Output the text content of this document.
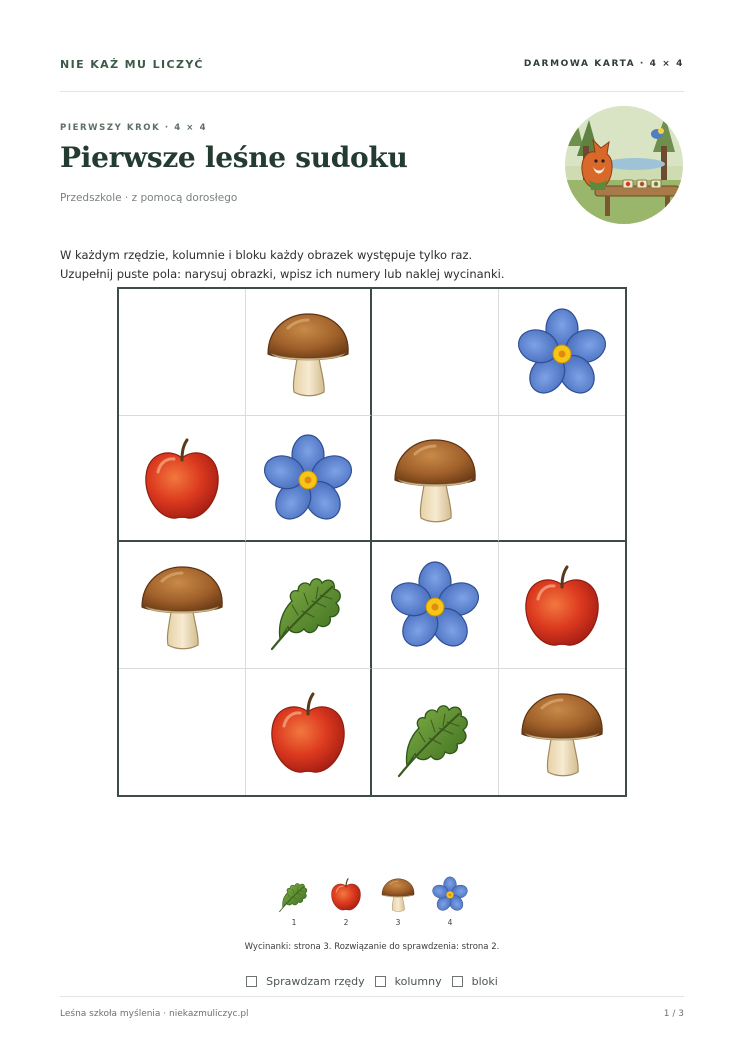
NIE KAŻ MU LICZYĆ	DARMOWA KARTA · 4 × 4
PIERWSZY KROK · 4 × 4
Pierwsze leśne sudoku
Przedszkole · z pomocą dorosłego
W każdym rzędzie, kolumnie i bloku każdy obrazek występuje tylko raz.
Uzupełnij puste pola: narysuj obrazki, wpisz ich numery lub naklej wycinanki.
1	2	3	4
Wycinanki: strona 3. Rozwiązanie do sprawdzenia: strona 2.
Sprawdzam rzędy	kolumny	bloki
Leśna szkoła myślenia · niekazmuliczyc.pl	1 / 3
